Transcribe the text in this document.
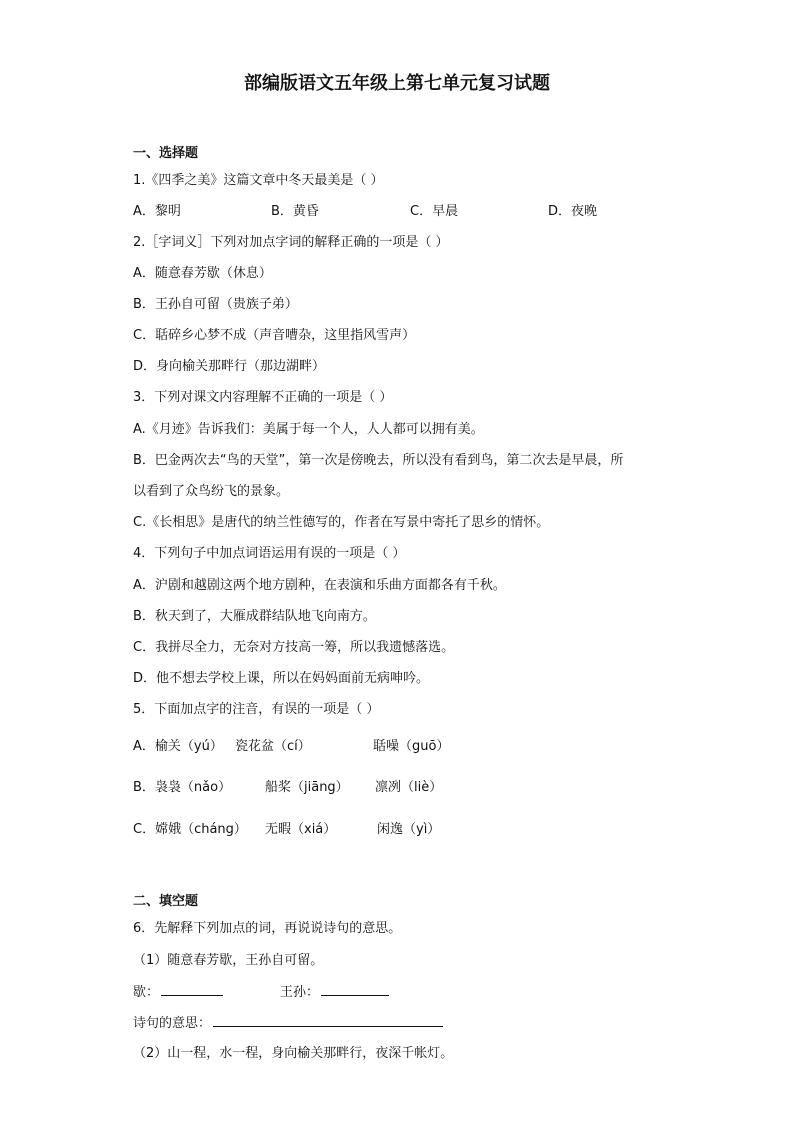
部编版语文五年级上第七单元复习试题
一、选择题
1.《四季之美》这篇文章中冬天最美是（ ）
A．黎明	B．黄昏	C．早晨	D．夜晚
2.［字词义］下列对加点字词的解释正确的一项是（ ）
A．随意春芳歇（休息）
B．王孙自可留（贵族子弟）
C．聒碎乡心梦不成（声音嘈杂，这里指风雪声）
D．身向榆关那畔行（那边湖畔）
3．下列对课文内容理解不正确的一项是（ ）
A.《月迹》告诉我们：美属于每一个人，人人都可以拥有美。
B．巴金两次去“鸟的天堂”，第一次是傍晚去，所以没有看到鸟，第二次去是早晨，所
以看到了众鸟纷飞的景象。
C.《长相思》是唐代的纳兰性德写的，作者在写景中寄托了思乡的情怀。
4．下列句子中加点词语运用有误的一项是（ ）
A．沪剧和越剧这两个地方剧种，在表演和乐曲方面都各有千秋。
B．秋天到了，大雁成群结队地飞向南方。
C．我拼尽全力，无奈对方技高一筹，所以我遗憾落选。
D．他不想去学校上课，所以在妈妈面前无病呻吟。
5．下面加点字的注音，有误的一项是（ ）
A．榆关（yú） 瓷花盆（cí）	聒噪（guō）
B．袅袅（nǎo）	船桨（jiāng） 凛冽（liè）
C．嫦娥（cháng） 无暇（xiá）	闲逸（yì）
二、填空题
6．先解释下列加点的词，再说说诗句的意思。
（1）随意春芳歇，王孙自可留。
歇：	王孙：
诗句的意思：
（2）山一程，水一程，身向榆关那畔行，夜深千帐灯。
